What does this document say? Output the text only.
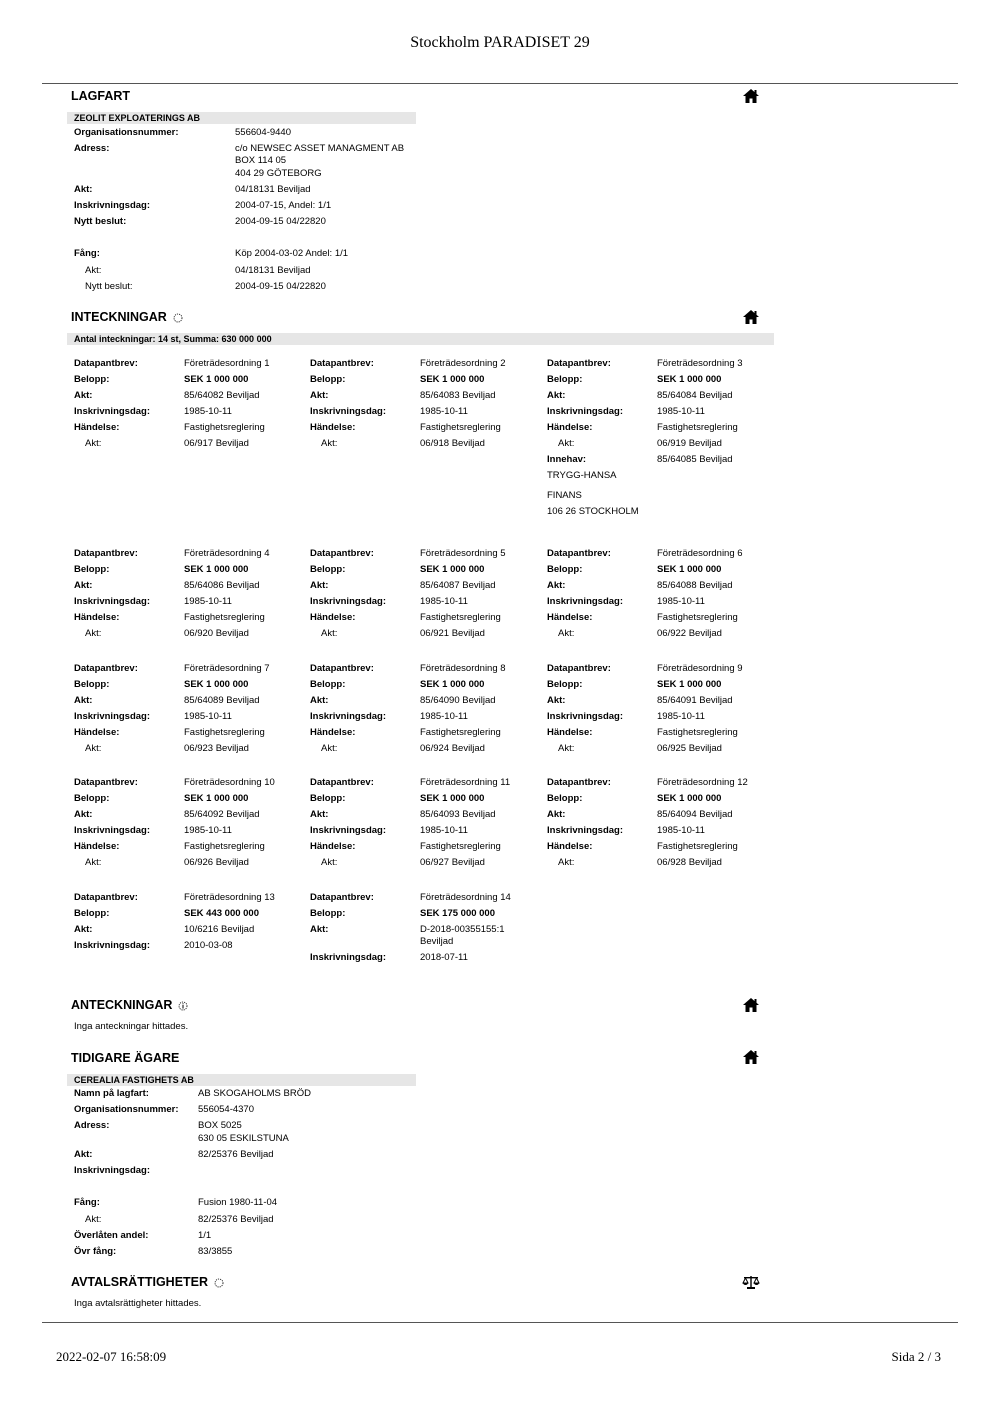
Stockholm PARADISET 29
LAGFART
ZEOLIT EXPLOATERINGS AB
Organisationsnummer:	556604-9440
Adress:	c/o NEWSEC ASSET MANAGMENT AB
BOX 114 05
404 29 GÖTEBORG
Akt:	04/18131 Beviljad
Inskrivningsdag:	2004-07-15, Andel: 1/1
Nytt beslut:	2004-09-15 04/22820
Fång:	Köp 2004-03-02 Andel: 1/1
Akt:	04/18131 Beviljad
Nytt beslut:	2004-09-15 04/22820
INTECKNINGAR
Antal inteckningar: 14 st, Summa: 630 000 000
Datapantbrev:	Företrädesordning 1
Belopp:	SEK 1 000 000
Akt:	85/64082 Beviljad
Inskrivningsdag:	1985-10-11
Händelse:	Fastighetsreglering
Akt:	06/917 Beviljad
Datapantbrev:	Företrädesordning 2
Belopp:	SEK 1 000 000
Akt:	85/64083 Beviljad
Inskrivningsdag:	1985-10-11
Händelse:	Fastighetsreglering
Akt:	06/918 Beviljad
Datapantbrev:	Företrädesordning 3
Belopp:	SEK 1 000 000
Akt:	85/64084 Beviljad
Inskrivningsdag:	1985-10-11
Händelse:	Fastighetsreglering
Akt:	06/919 Beviljad
Innehav:	85/64085 Beviljad
TRYGG-HANSA
FINANS
106 26 STOCKHOLM
Datapantbrev:	Företrädesordning 4
Belopp:	SEK 1 000 000
Akt:	85/64086 Beviljad
Inskrivningsdag:	1985-10-11
Händelse:	Fastighetsreglering
Akt:	06/920 Beviljad
Datapantbrev:	Företrädesordning 5
Belopp:	SEK 1 000 000
Akt:	85/64087 Beviljad
Inskrivningsdag:	1985-10-11
Händelse:	Fastighetsreglering
Akt:	06/921 Beviljad
Datapantbrev:	Företrädesordning 6
Belopp:	SEK 1 000 000
Akt:	85/64088 Beviljad
Inskrivningsdag:	1985-10-11
Händelse:	Fastighetsreglering
Akt:	06/922 Beviljad
Datapantbrev:	Företrädesordning 7
Belopp:	SEK 1 000 000
Akt:	85/64089 Beviljad
Inskrivningsdag:	1985-10-11
Händelse:	Fastighetsreglering
Akt:	06/923 Beviljad
Datapantbrev:	Företrädesordning 8
Belopp:	SEK 1 000 000
Akt:	85/64090 Beviljad
Inskrivningsdag:	1985-10-11
Händelse:	Fastighetsreglering
Akt:	06/924 Beviljad
Datapantbrev:	Företrädesordning 9
Belopp:	SEK 1 000 000
Akt:	85/64091 Beviljad
Inskrivningsdag:	1985-10-11
Händelse:	Fastighetsreglering
Akt:	06/925 Beviljad
Datapantbrev:	Företrädesordning 10
Belopp:	SEK 1 000 000
Akt:	85/64092 Beviljad
Inskrivningsdag:	1985-10-11
Händelse:	Fastighetsreglering
Akt:	06/926 Beviljad
Datapantbrev:	Företrädesordning 11
Belopp:	SEK 1 000 000
Akt:	85/64093 Beviljad
Inskrivningsdag:	1985-10-11
Händelse:	Fastighetsreglering
Akt:	06/927 Beviljad
Datapantbrev:	Företrädesordning 12
Belopp:	SEK 1 000 000
Akt:	85/64094 Beviljad
Inskrivningsdag:	1985-10-11
Händelse:	Fastighetsreglering
Akt:	06/928 Beviljad
Datapantbrev:	Företrädesordning 13
Belopp:	SEK 443 000 000
Akt:	10/6216 Beviljad
Inskrivningsdag:	2010-03-08
Datapantbrev:	Företrädesordning 14
Belopp:	SEK 175 000 000
Akt:	D-2018-00355155:1
Beviljad
Inskrivningsdag:	2018-07-11
ANTECKNINGAR
Inga anteckningar hittades.
TIDIGARE ÄGARE
CEREALIA FASTIGHETS AB
Namn på lagfart:	AB SKOGAHOLMS BRÖD
Organisationsnummer: 556054-4370
Adress:	BOX 5025
630 05 ESKILSTUNA
Akt:	82/25376 Beviljad
Inskrivningsdag:
Fång:	Fusion 1980-11-04
Akt:	82/25376 Beviljad
Överlåten andel:	1/1
Övr fång:	83/3855
AVTALSRÄTTIGHETER
Inga avtalsrättigheter hittades.
2022-02-07 16:58:09	Sida 2 / 3
